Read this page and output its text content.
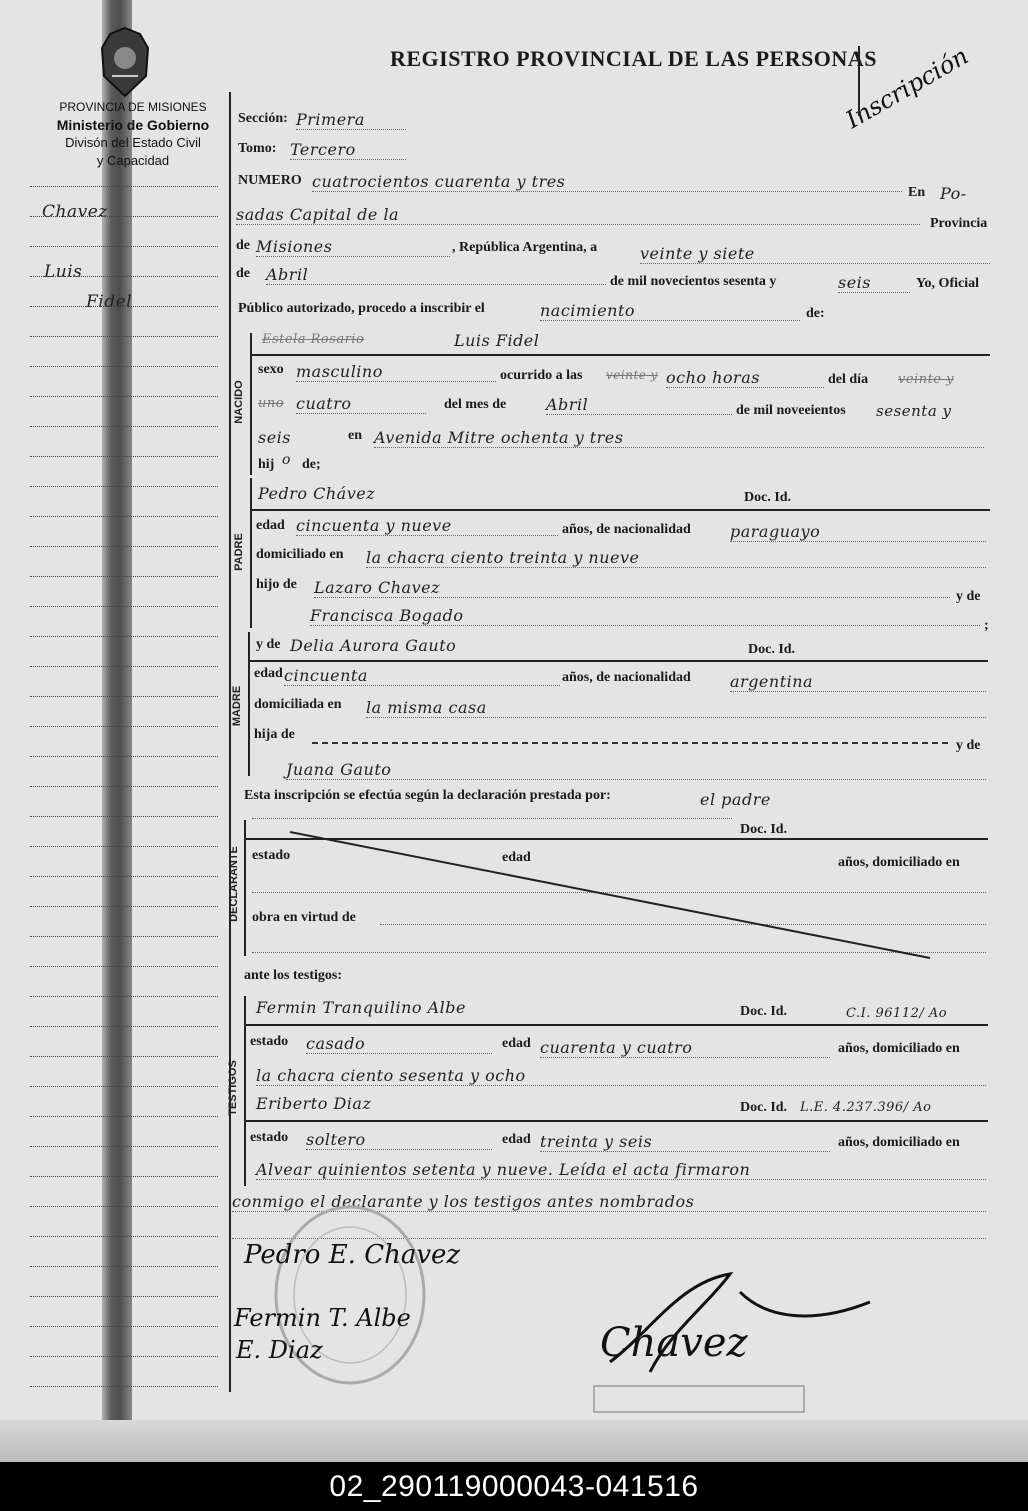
PROVINCIA DE MISIONES
Ministerio de Gobierno
Divisón del Estado Civil
y Capacidad
REGISTRO PROVINCIAL DE LAS PERSONAS
Inscripción
Chavez
Luis
Fidel
Sección: Primera
Tomo: Tercero
NUMERO cuatrocientos cuarenta y tres
En Po-
sadas Capital de la	Provincia
de Misiones	, República Argentina, a	veinte y siete
de Abril	de mil novecientos sesenta y	seis	Yo, Oficial
Público autorizado, procedo a inscribir el	nacimiento	de:
NACIDO
Estela Rosario	Luis Fidel
sexo masculino	ocurrido a las veinte y ocho horas	del día veinte y
uno cuatro	del mes de Abril	de mil noveeientos sesenta y
seis	en Avenida Mitre ochenta y tres
hij o de;
PADRE
Pedro Chávez	Doc. Id.
edad cincuenta y nueve	años, de nacionalidad paraguayo
domiciliado en la chacra ciento treinta y nueve
hijo de Lazaro Chavez	y de
Francisca Bogado
;
MADRE
y de Delia Aurora Gauto	Doc. Id.
edad cincuenta	años, de nacionalidad argentina
domiciliada en la misma casa
hija de
y de
Juana Gauto
Esta inscripción se efectúa según la declaración prestada por:	el padre
DECLARANTE
Doc. Id.
estado	edad	años, domiciliado en
obra en virtud de
ante los testigos:
TESTIGOS
Fermin Tranquilino Albe	Doc. Id.	C.I. 96112/ Ao
estado casado	edad cuarenta y cuatro	años, domiciliado en
la chacra ciento sesenta y ocho
Eriberto Diaz	Doc. Id. L.E. 4.237.396/ Ao
estado soltero	edad treinta y seis	años, domiciliado en
Alvear quinientos setenta y nueve. Leída el acta firmaron
conmigo el declarante y los testigos antes nombrados
Pedro E. Chavez
Fermin T. Albe
E. Diaz	Chavez
02_290119000043-041516
